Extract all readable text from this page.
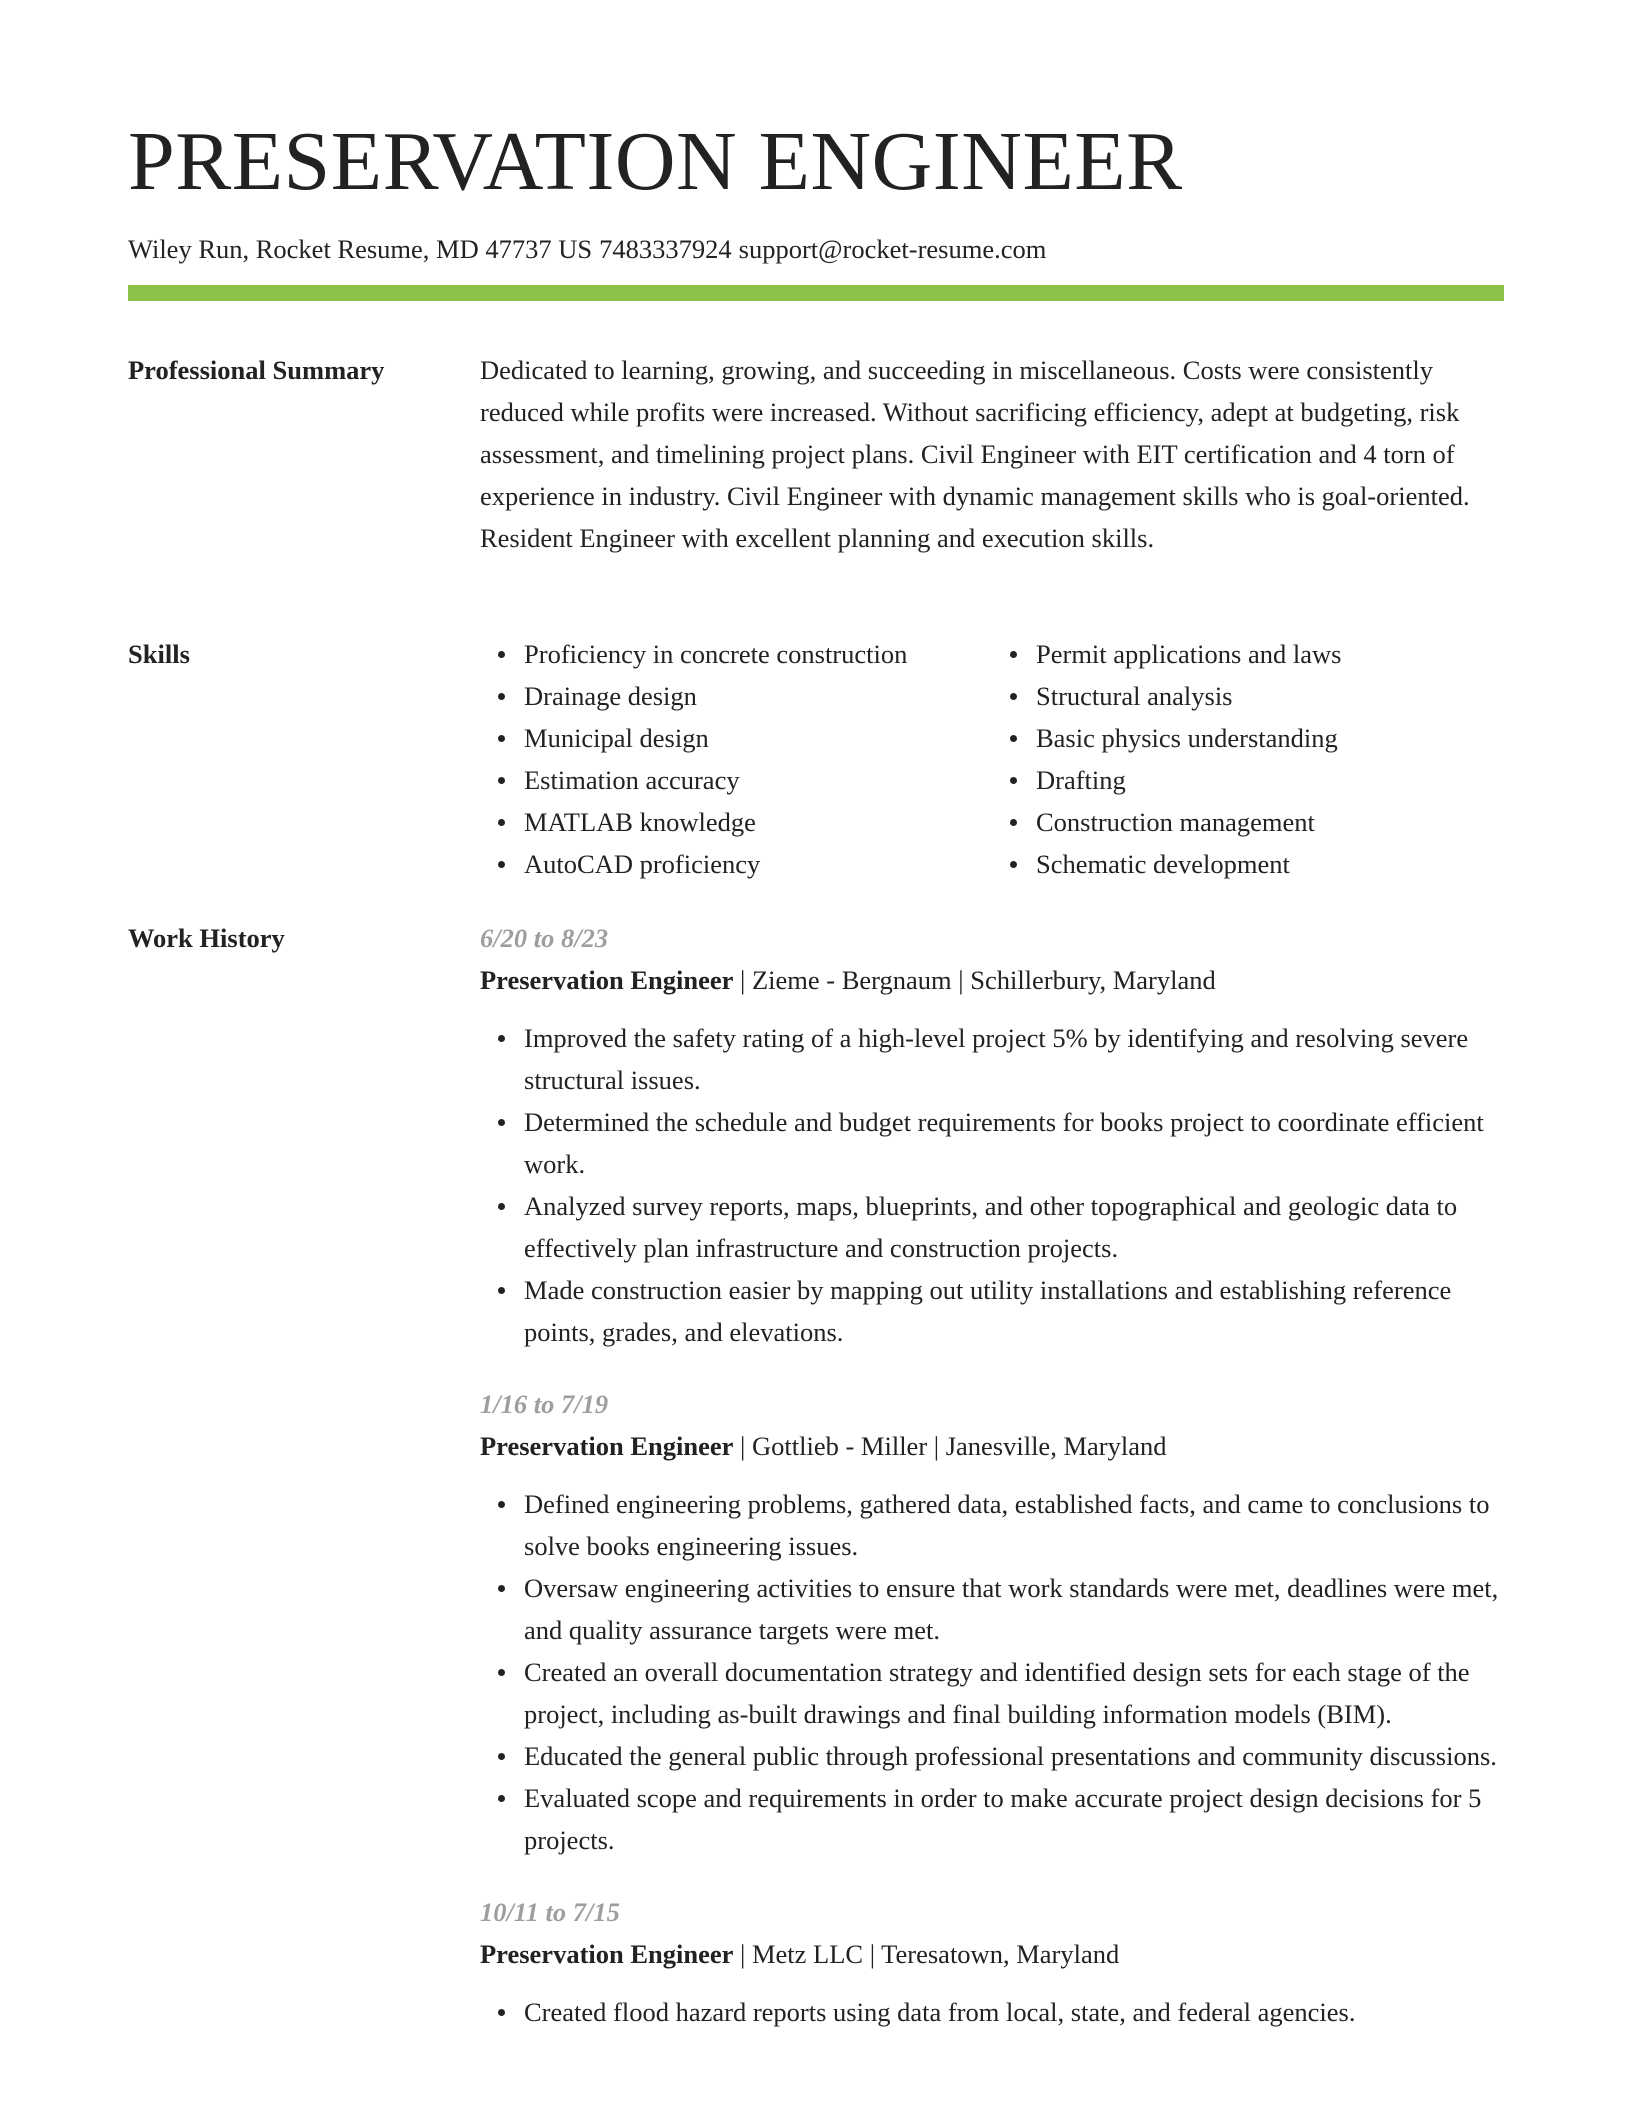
PRESERVATION ENGINEER
Wiley Run, Rocket Resume, MD 47737 US 7483337924 support@rocket-resume.com
Professional Summary	Dedicated to learning, growing, and succeeding in miscellaneous. Costs were consistently reduced while profits were increased. Without sacrificing efficiency, adept at budgeting, risk assessment, and timelining project plans. Civil Engineer with EIT certification and 4 torn of experience in industry. Civil Engineer with dynamic management skills who is goal-oriented. Resident Engineer with excellent planning and execution skills.

Skills	Proficiency in concrete construction
Drainage design
Municipal design
Estimation accuracy
MATLAB knowledge
AutoCAD proficiency
Permit applications and laws
Structural analysis
Basic physics understanding
Drafting
Construction management
Schematic development
Work History	6/20 to 8/23

Preservation Engineer | Zieme - Bergnaum | Schillerbury, Maryland

Improved the safety rating of a high-level project 5% by identifying and resolving severe structural issues.
Determined the schedule and budget requirements for books project to coordinate efficient work.
Analyzed survey reports, maps, blueprints, and other topographical and geologic data to effectively plan infrastructure and construction projects.
Made construction easier by mapping out utility installations and establishing reference points, grades, and elevations.

1/16 to 7/19

Preservation Engineer | Gottlieb - Miller | Janesville, Maryland

Defined engineering problems, gathered data, established facts, and came to conclusions to solve books engineering issues.
Oversaw engineering activities to ensure that work standards were met, deadlines were met, and quality assurance targets were met.
Created an overall documentation strategy and identified design sets for each stage of the project, including as-built drawings and final building information models (BIM).
Educated the general public through professional presentations and community discussions.
Evaluated scope and requirements in order to make accurate project design decisions for 5 projects.

10/11 to 7/15

Preservation Engineer | Metz LLC | Teresatown, Maryland

Created flood hazard reports using data from local, state, and federal agencies.
